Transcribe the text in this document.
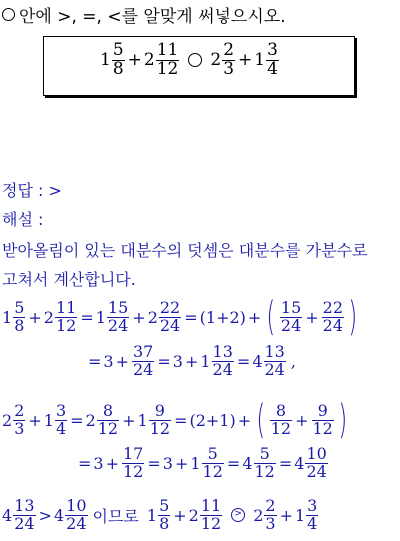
안에 >, =, <를 알맞게 써넣으시오.
$1 \frac{5}{8} + 2 \frac{11}{12} 2 \frac{2}{3} + 1 \frac{3}{4}$
정답 : >
해설 :
받아올림이 있는 대분수의 덧셈은 대분수를 가분수로
고쳐서 계산합니다.
$1 \frac{5}{8} + 2 \frac{11}{12} = 1 \frac{15}{24} + 2 \frac{22}{24} = (1+2)$ + ( $\frac{15}{24} + \frac{22}{24}$ )
= $3 + \frac{37}{24} = 3 + 1 \frac{13}{24} = 4 \frac{13}{24}$ ,
$2 \frac{2}{3} + 1 \frac{3}{4} = 2 \frac{8}{12} + 1 \frac{9}{12} = (2+1)$ + ( $\frac{8}{12} + \frac{9}{12}$ )
= $3 + \frac{17}{12} = 3 + 1 \frac{5}{12} = 4 \frac{5}{12} = 4 \frac{10}{24}$
$4 \frac{13}{24} > 4 \frac{10}{24}$ 이므로 $1 \frac{5}{8} + 2 \frac{11}{12}$	> $2 \frac{2}{3} + 1 \frac{3}{4}$
